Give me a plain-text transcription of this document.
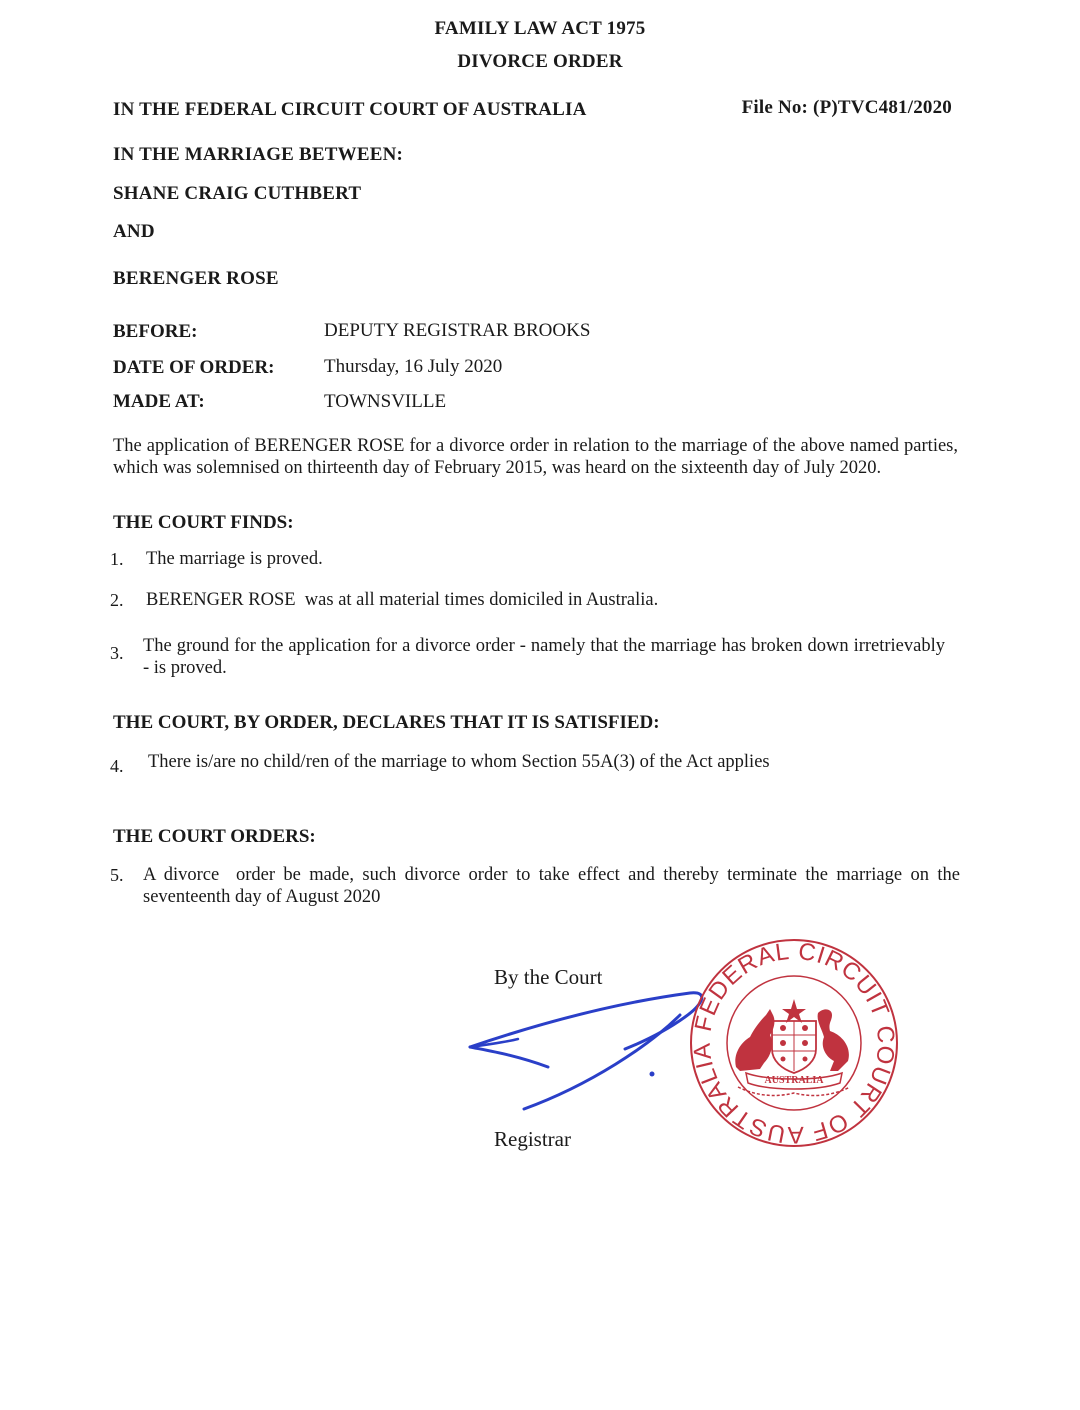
FAMILY LAW ACT 1975
DIVORCE ORDER
IN THE FEDERAL CIRCUIT COURT OF AUSTRALIA	File No: (P)TVC481/2020
IN THE MARRIAGE BETWEEN:
SHANE CRAIG CUTHBERT
AND
BERENGER ROSE
BEFORE:	DEPUTY REGISTRAR BROOKS
DATE OF ORDER:	Thursday, 16 July 2020
MADE AT:	TOWNSVILLE
The application of BERENGER ROSE for a divorce order in relation to the marriage of the above named parties, which was solemnised on thirteenth day of February 2015, was heard on the sixteenth day of July 2020.
THE COURT FINDS:
1. The marriage is proved.
2. BERENGER ROSE  was at all material times domiciled in Australia.
3. The ground for the application for a divorce order - namely that the marriage has broken down irretrievably - is proved.
THE COURT, BY ORDER, DECLARES THAT IT IS SATISFIED:
4. There is/are no child/ren of the marriage to whom Section 55A(3) of the Act applies
THE COURT ORDERS:
5. A divorce  order be made, such divorce order to take effect and thereby terminate the marriage on the seventeenth day of August 2020
By the Court
Registrar
FEDERAL CIRCUIT COURT OF AUSTRALIA
AUSTRALIA
